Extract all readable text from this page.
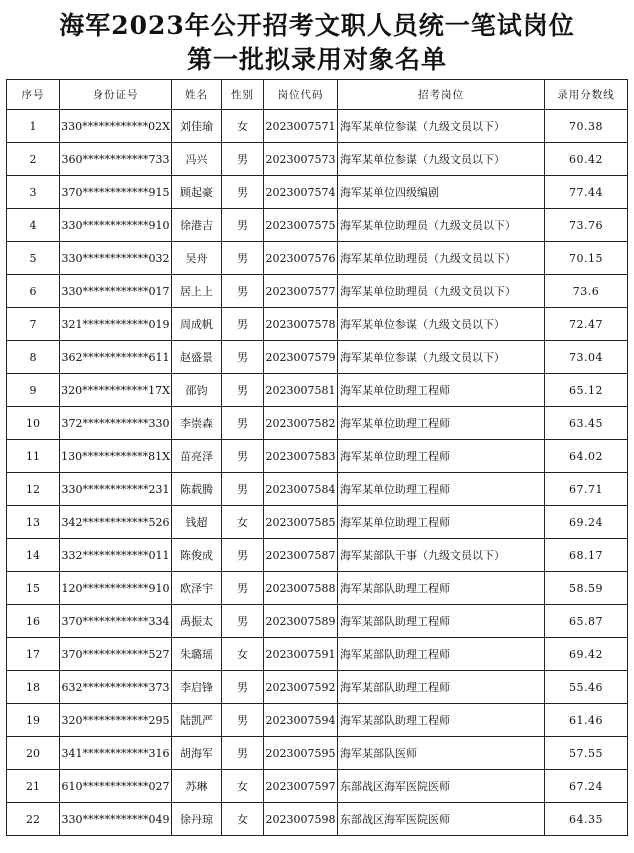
海军2023年公开招考文职人员统一笔试岗位
第一批拟录用对象名单
序号	身份证号	姓名	性别	岗位代码	招考岗位	录用分数线
1	330************02X	刘佳瑜	女	2023007571	海军某单位参谋（九级文员以下）	70.38
2	360************733	冯兴	男	2023007573	海军某单位参谋（九级文员以下）	60.42
3	370************915	顾起豪	男	2023007574	海军某单位四级编剧	77.44
4	330************910	徐港吉	男	2023007575	海军某单位助理员（九级文员以下）	73.76
5	330************032	吴舟	男	2023007576	海军某单位助理员（九级文员以下）	70.15
6	330************017	居上上	男	2023007577	海军某单位助理员（九级文员以下）	73.6
7	321************019	周成帆	男	2023007578	海军某单位参谋（九级文员以下）	72.47
8	362************611	赵盛景	男	2023007579	海军某单位参谋（九级文员以下）	73.04
9	320************17X	邵钧	男	2023007581	海军某单位助理工程师	65.12
10	372************330	李崇森	男	2023007582	海军某单位助理工程师	63.45
11	130************81X	苗亮泽	男	2023007583	海军某单位助理工程师	64.02
12	330************231	陈载腾	男	2023007584	海军某单位助理工程师	67.71
13	342************526	钱超	女	2023007585	海军某单位助理工程师	69.24
14	332************011	陈俊成	男	2023007587	海军某部队干事（九级文员以下）	68.17
15	120************910	欧泽宇	男	2023007588	海军某部队助理工程师	58.59
16	370************334	禹振太	男	2023007589	海军某部队助理工程师	65.87
17	370************527	朱璐瑶	女	2023007591	海军某部队助理工程师	69.42
18	632************373	李启锋	男	2023007592	海军某部队助理工程师	55.46
19	320************295	陆凯严	男	2023007594	海军某部队助理工程师	61.46
20	341************316	胡海军	男	2023007595	海军某部队医师	57.55
21	610************027	苏琳	女	2023007597	东部战区海军医院医师	67.24
22	330************049	徐丹琼	女	2023007598	东部战区海军医院医师	64.35
